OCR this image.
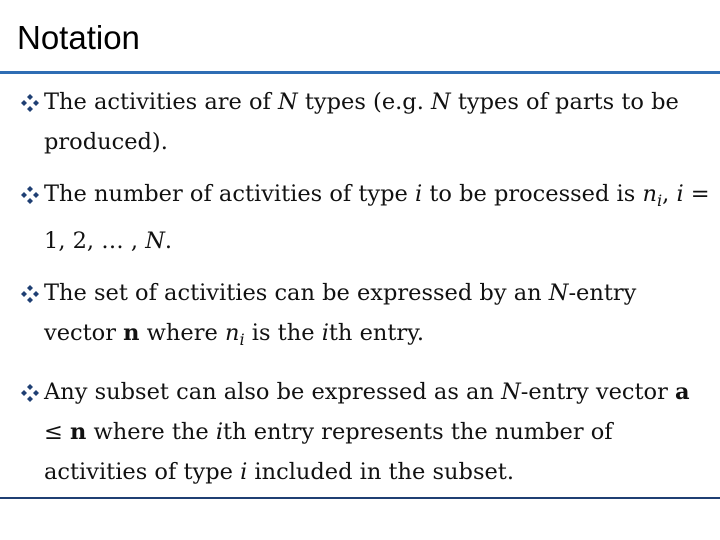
Notation
The activities are of N types (e.g. N types of parts to be produced).
The number of activities of type i to be processed is $n_i$, i = 1, 2, … , N.
The set of activities can be expressed by an N-entry vector n where $n_i$ is the ith entry.
Any subset can also be expressed as an N-entry vector a ≤ n where the ith entry represents the number of activities of type i included in the subset.
